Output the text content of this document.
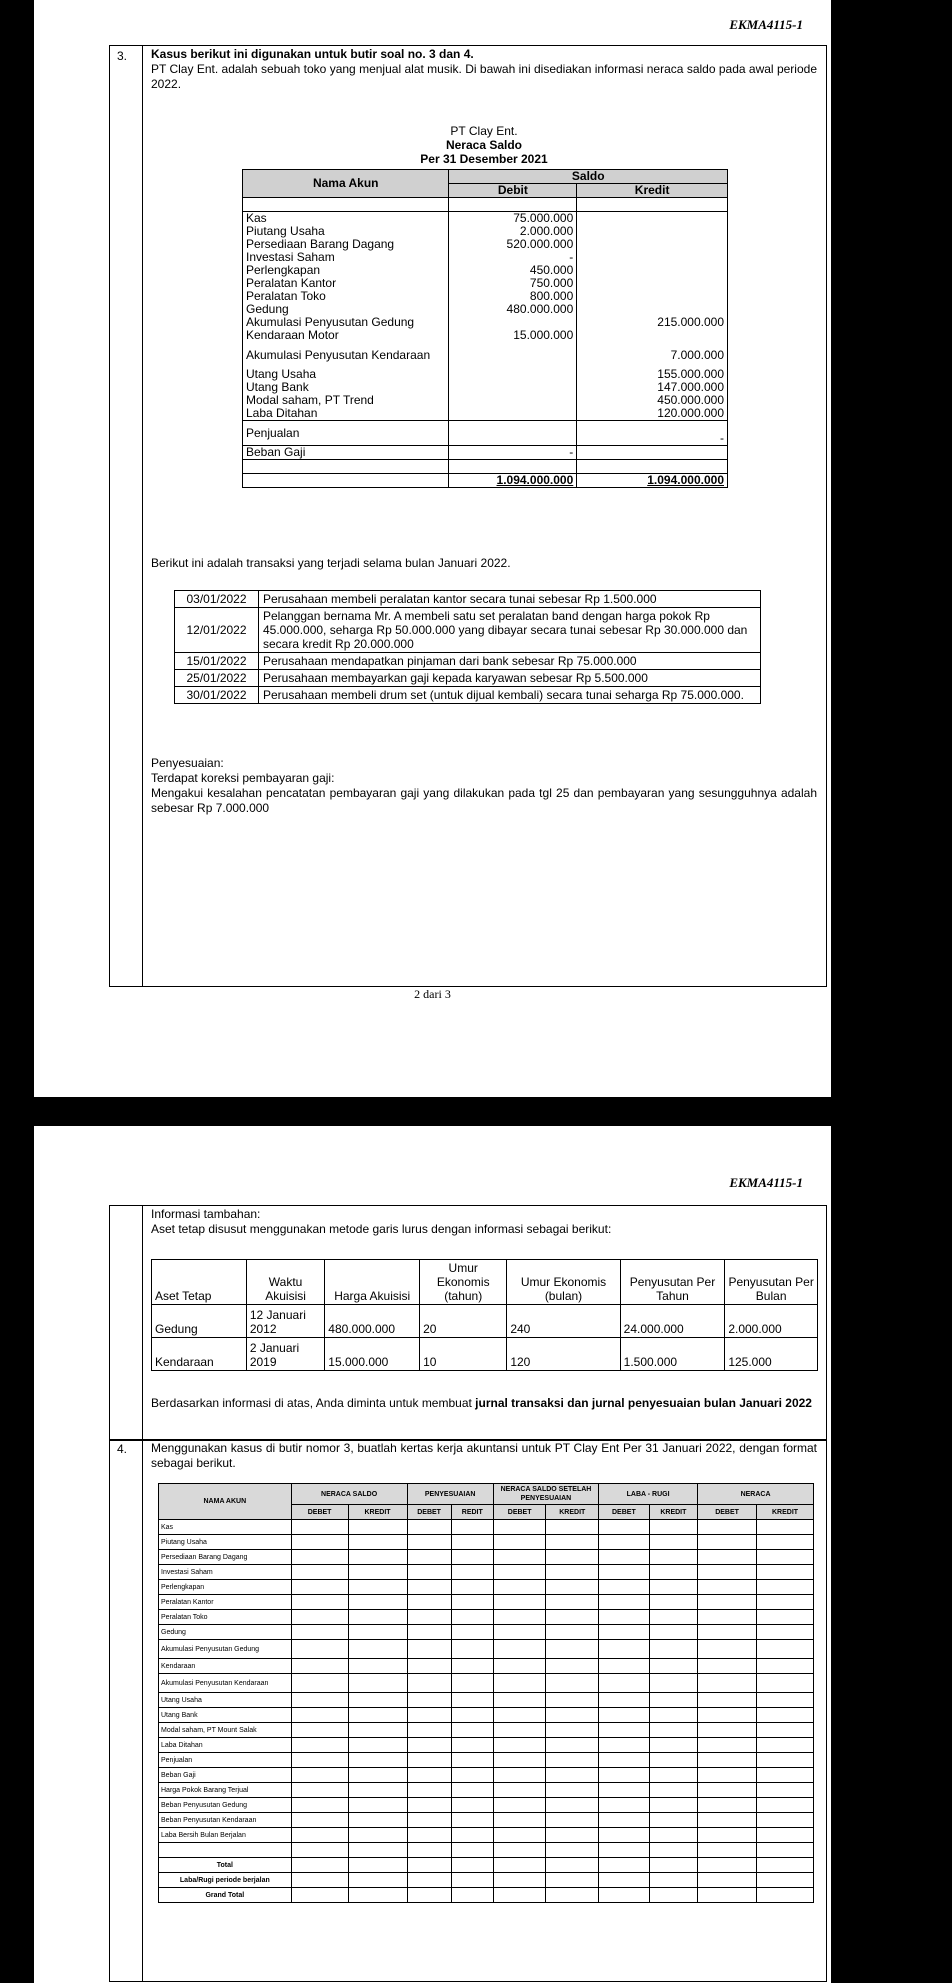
EKMA4115-1
3. Kasus berikut ini digunakan untuk butir soal no. 3 dan 4.

PT Clay Ent. adalah sebuah toko yang menjual alat musik. Di bawah ini disediakan informasi neraca saldo pada awal periode 2022.

PT Clay Ent.

Neraca Saldo

Per 31 Desember 2021

Nama Akun	Saldo	
	Debit	Kredit

Kas	75.000.000	
Piutang Usaha	2.000.000	
Persediaan Barang Dagang	520.000.000	
Investasi Saham	-	
Perlengkapan	450.000	
Peralatan Kantor	750.000	
Peralatan Toko	800.000	
Gedung	480.000.000	
Akumulasi Penyusutan Gedung		215.000.000
Kendaraan Motor	15.000.000	
Akumulasi Penyusutan Kendaraan		7.000.000
Utang Usaha		155.000.000
Utang Bank		147.000.000
Modal saham, PT Trend		450.000.000
Laba Ditahan		120.000.000
Penjualan		-
Beban Gaji	-	

	1.094.000.000	1.094.000.000
Berikut ini adalah transaksi yang terjadi selama bulan Januari 2022.
03/01/2022	Perusahaan membeli peralatan kantor secara tunai sebesar Rp 1.500.000
12/01/2022	Pelanggan bernama Mr. A membeli satu set peralatan band dengan harga pokok Rp 45.000.000, seharga Rp 50.000.000 yang dibayar secara tunai sebesar Rp 30.000.000 dan secara kredit Rp 20.000.000
15/01/2022	Perusahaan mendapatkan pinjaman dari bank sebesar Rp 75.000.000
25/01/2022	Perusahaan membayarkan gaji kepada karyawan sebesar Rp 5.500.000
30/01/2022	Perusahaan membeli drum set (untuk dijual kembali) secara tunai seharga Rp 75.000.000.

Penyesuaian:

Terdapat koreksi pembayaran gaji:

Mengakui kesalahan pencatatan pembayaran gaji yang dilakukan pada tgl 25 dan pembayaran yang sesungguhnya adalah sebesar Rp 7.000.000

2 dari 3
EKMA4115-1
4.

Informasi tambahan:

Aset tetap disusut menggunakan metode garis lurus dengan informasi sebagai berikut:

Aset Tetap	Waktu Akuisisi	Harga Akuisisi	Umur Ekonomis (tahun)	Umur Ekonomis (bulan)	Penyusutan Per Tahun	Penyusutan Per Bulan
Gedung	12 Januari 2012	480.000.000	20	240	24.000.000	2.000.000
Kendaraan	2 Januari 2019	15.000.000	10	120	1.500.000	125.000
Berdasarkan informasi di atas, Anda diminta untuk membuat jurnal transaksi dan jurnal penyesuaian bulan Januari 2022
Menggunakan kasus di butir nomor 3, buatlah kertas kerja akuntansi untuk PT Clay Ent Per 31 Januari 2022, dengan format sebagai berikut.
NAMA AKUN	NERACA SALDO		PENYESUAIAN		NERACA SALDO SETELAH PENYESUAIAN		LABA - RUGI		NERACA	
	DEBET	KREDIT	DEBET	REDIT	DEBET	KREDIT	DEBET	KREDIT	DEBET	KREDIT
Kas										
Piutang Usaha										
Persediaan Barang Dagang										
Investasi Saham										
Perlengkapan										
Peralatan Kantor										
Peralatan Toko										
Gedung										
Akumulasi Penyusutan Gedung										
Kendaraan										
Akumulasi Penyusutan Kendaraan										
Utang Usaha										
Utang Bank										
Modal saham, PT Mount Salak										
Laba Ditahan										
Penjualan										
Beban Gaji										
Harga Pokok Barang Terjual										
Beban Penyusutan Gedung										
Beban Penyusutan Kendaraan										
Laba Bersih Bulan Berjalan										

Total										
Laba/Rugi periode berjalan										
Grand Total										
